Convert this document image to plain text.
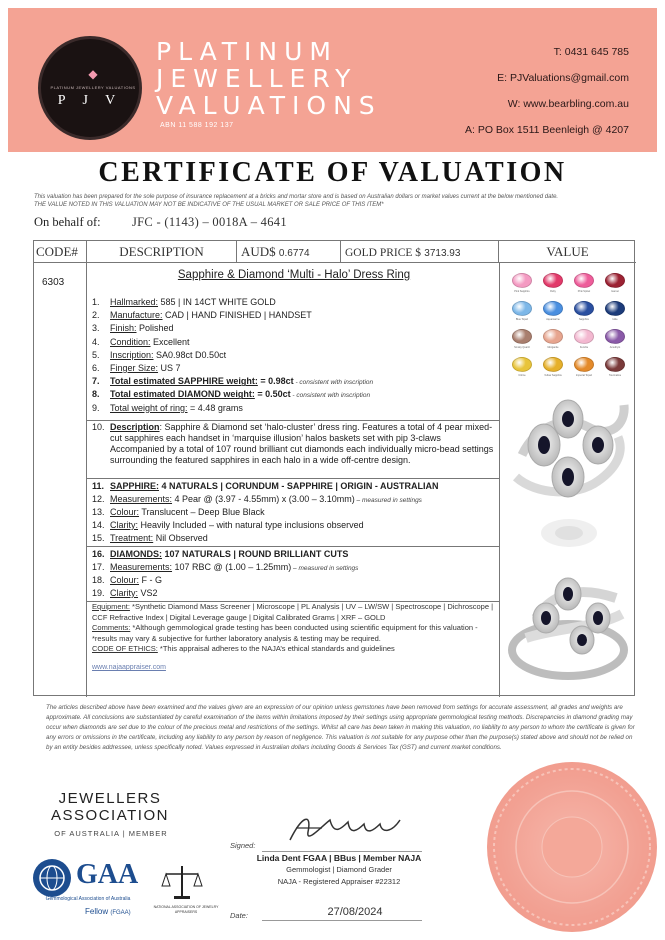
◆
PLATINUM JEWELLERY VALUATIONS
P J V
PLATINUM
JEWELLERY
VALUATIONS
ABN 11 588 192 137
T: 0431 645 785
E: PJValuations@gmail.com
W: www.bearbling.com.au
A: PO Box 1511 Beenleigh @ 4207
CERTIFICATE OF VALUATION
This valuation has been prepared for the sole purpose of insurance replacement at a bricks and mortar store and is based on Australian dollars or market values current at the below mentioned date.
THE VALUE NOTED IN THIS VALUATION MAY NOT BE INDICATIVE OF THE USUAL MARKET OR SALE PRICE OF THIS ITEM*
On behalf of:	JFC - (1143) – 0018A – 4641
CODE#	DESCRIPTION	AUD$ 0.6774	GOLD PRICE $ 3713.93	VALUE
6303
Sapphire & Diamond ‘Multi - Halo’ Dress Ring
10. Description: Sapphire & Diamond set ‘halo-cluster’ dress ring. Features a total of 4 pear mixed-cut sapphires each handset in ‘marquise illusion’ halos baskets set with pip 3-claws Accompanied by a total of 107 round brilliant cut diamonds each individually micro-bead settings surrounding the featured sapphires in each halo in a wide off-centre design.
Equipment: *Synthetic Diamond Mass Screener | Microscope | PL Analysis | UV – LW/SW | Spectroscope | Dichroscope | CCF Refractive Index | Digital Leverage gauge | Digital Calibrated Grams | XRF – GOLD
Comments: *Although gemmological grade testing has been conducted using scientific equipment for this valuation - *results may vary & subjective for further laboratory analysis & testing may be required.
CODE OF ETHICS: *This appraisal adheres to the NAJA’s ethical standards and guidelines
www.najaappraiser.com
Pink Sapphire	Ruby	Pink Spinel	Garnet
Blue Topaz	Aquamarine	Sapphire	Iolite
Smoky Quartz	Morganite	Kunzite	Amethyst
Citrine	Yellow Sapphire	Imperial Topaz	Tourmaline
1. Hallmarked: 585 | IN 14CT WHITE GOLD
2. Manufacture: CAD | HAND FINISHED | HANDSET
3. Finish: Polished
4. Condition: Excellent
5. Inscription: SA0.98ct D0.50ct
6. Finger Size: US 7
7. Total estimated SAPPHIRE weight: = 0.98ct - consistent with inscription
8. Total estimated DIAMOND weight: = 0.50ct - consistent with inscription
9. Total weight of ring: = 4.48 grams
11. SAPPHIRE: 4 NATURALS | CORUNDUM - SAPPHIRE | ORIGIN - AUSTRALIAN
12. Measurements: 4 Pear @ (3.97 - 4.55mm) x (3.00 – 3.10mm) – measured in settings
13. Colour: Translucent – Deep Blue Black
14. Clarity: Heavily Included – with natural type inclusions observed
15. Treatment: Nil Observed
16. DIAMONDS: 107 NATURALS | ROUND BRILLIANT CUTS
17. Measurements: 107 RBC @ (1.00 – 1.25mm) – measured in settings
18. Colour: F - G
19. Clarity: VS2
The articles described above have been examined and the values given are an expression of our opinion unless gemstones have been removed from settings for accurate assessment, all grades and weights are approximate. All conclusions are substantiated by careful examination of the items within limitations imposed by their settings using appropriate gemmological testing methods. Discrepancies in diamond grading may occur when diamonds are set due to the colour of the precious metal and restrictions of the settings. Whilst all care has been taken in making this valuation, no liability to any person to whom the certificate is given for any errors or omissions in the certificate, including any liability to any person by reason of negligence. This valuation is not suitable for any purpose other than the purpose(s) stated above and should not be relied on by an entity besides addressee, unless specifically noted. Values expressed in Australian dollars including Goods & Services Tax (GST) and current market conditions.
JEWELLERS
ASSOCIATION
OF AUSTRALIA | MEMBER
GAA
Gemmological Association of Australia
Fellow (FGAA)
NATIONAL ASSOCIATION OF JEWELRY APPRAISERS
Signed:
Linda Dent FGAA | BBus | Member NAJA
Gemmologist | Diamond Grader
NAJA - Registered Appraiser #22312
Date:	27/08/2024
